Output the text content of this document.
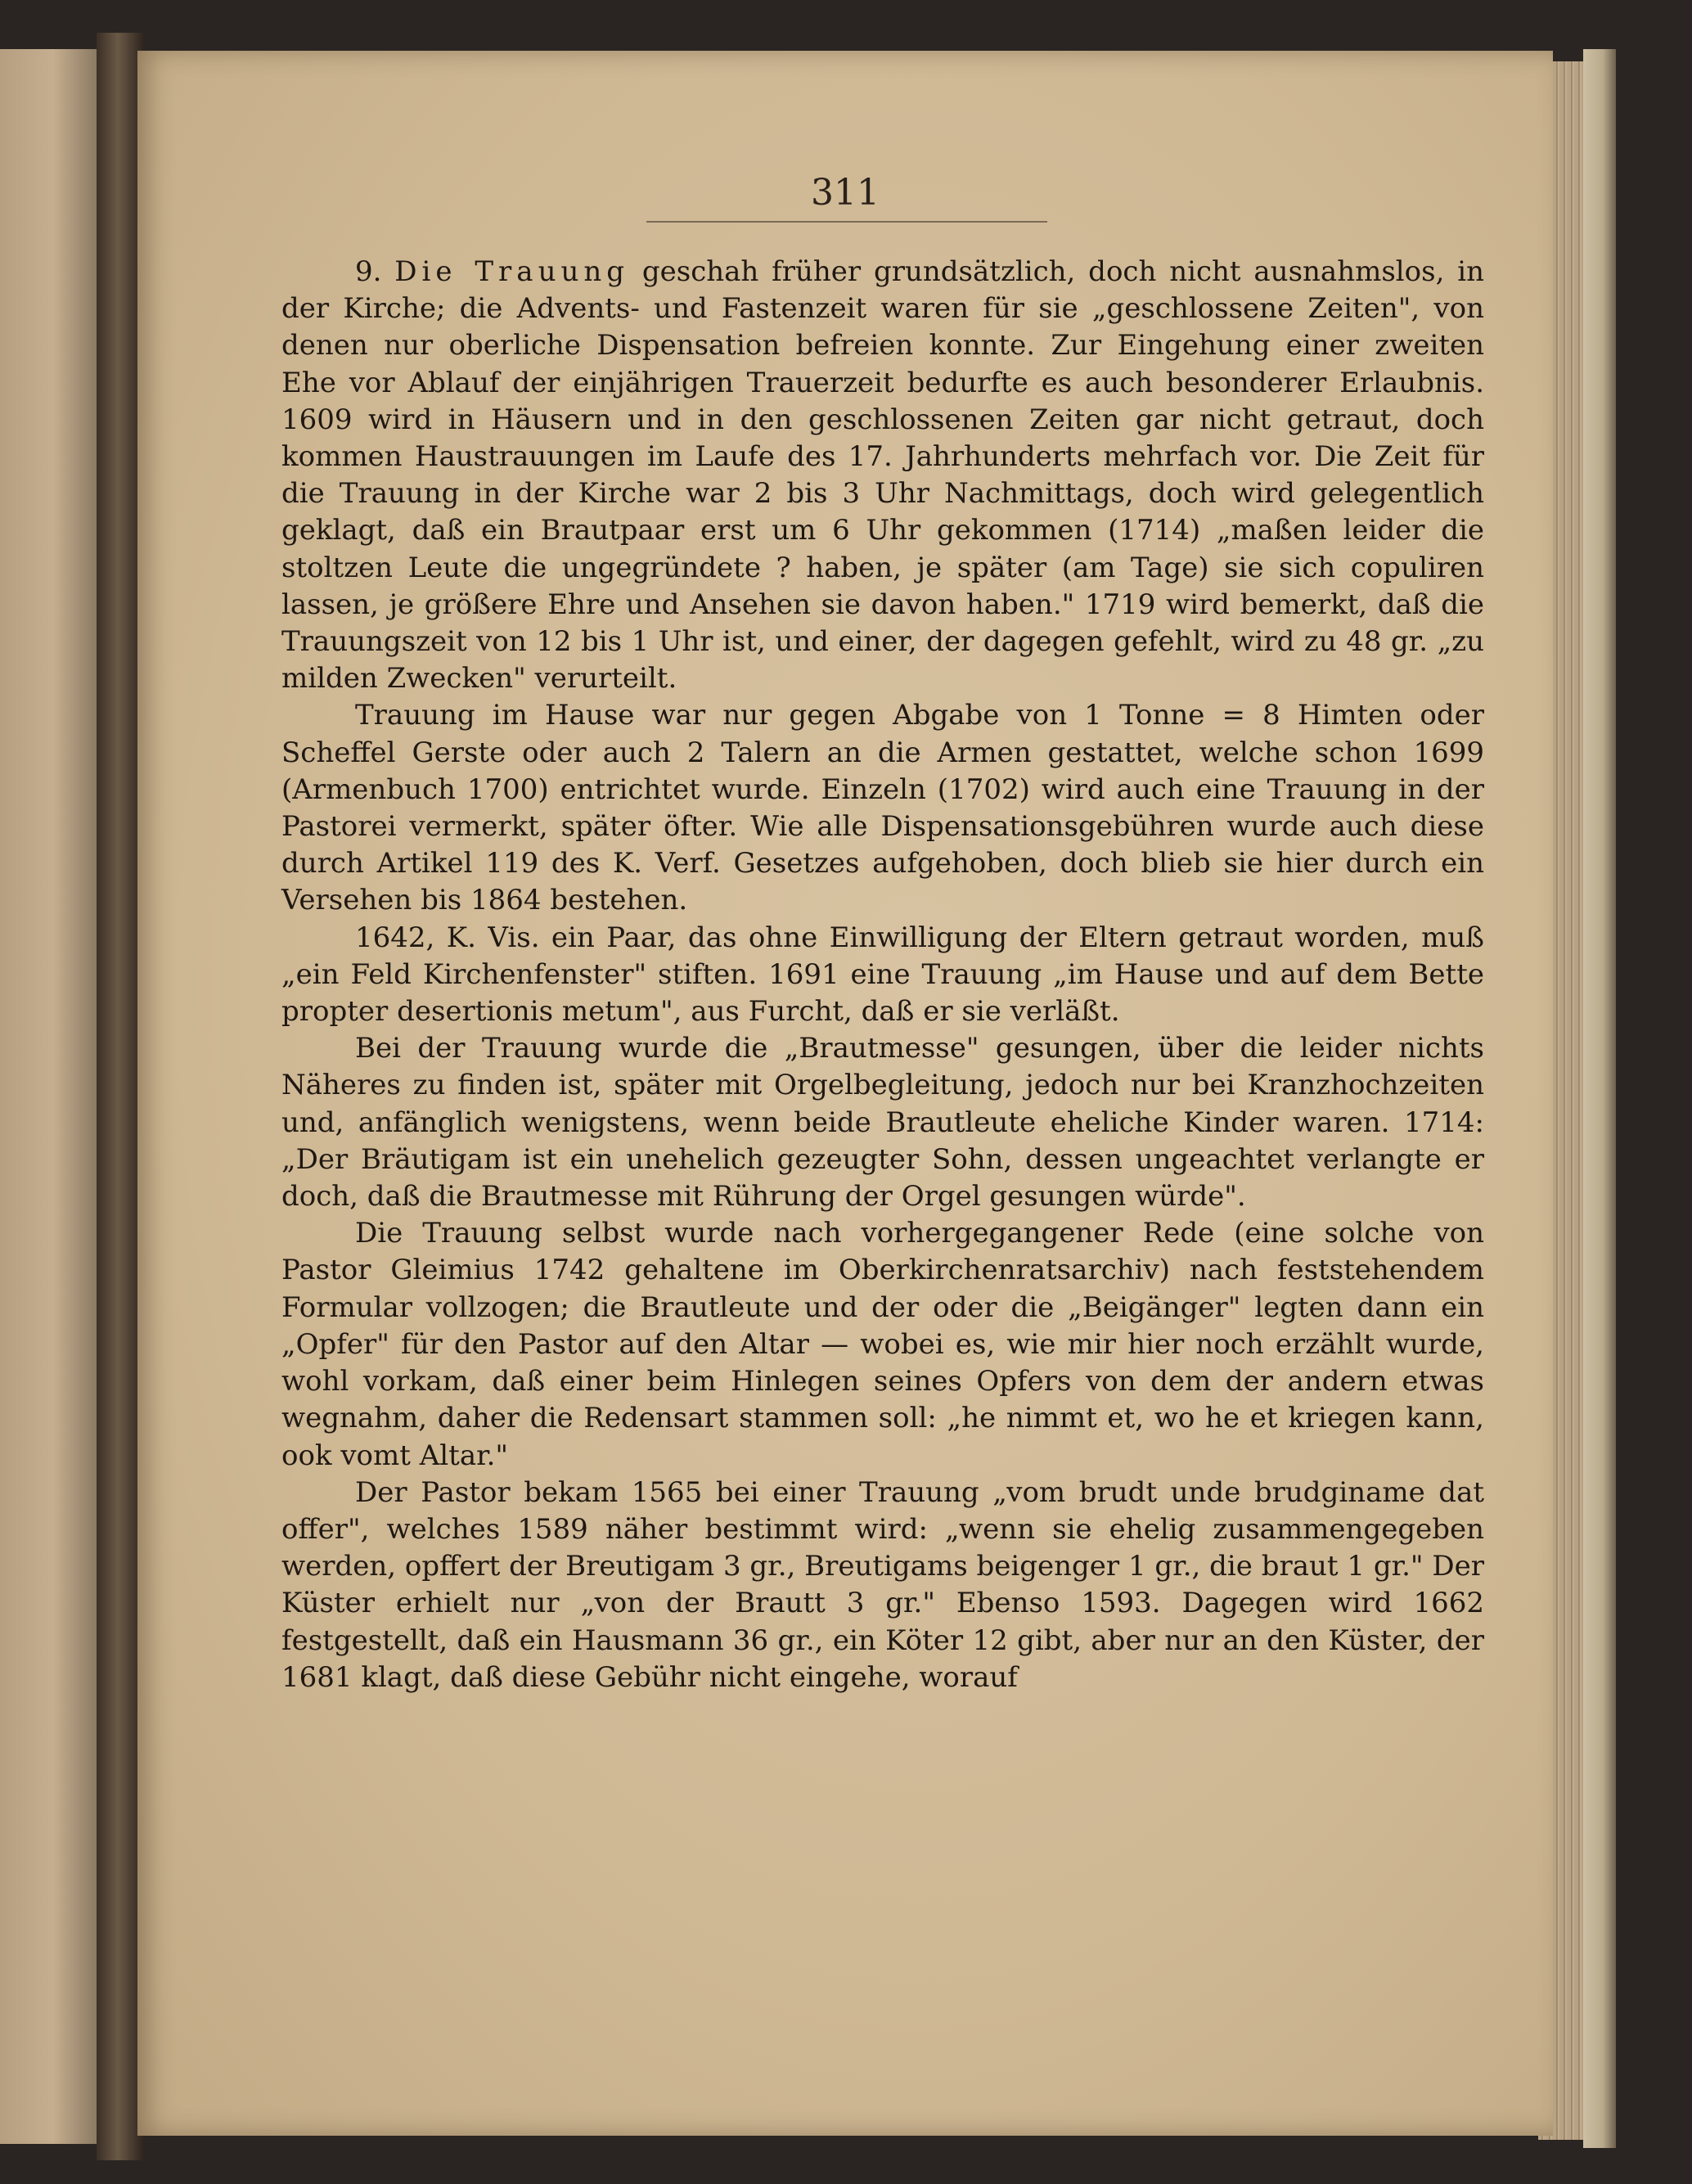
311

9. Die Trauung geschah früher grundsätzlich, doch nicht ausnahmslos, in der Kirche; die Advents- und Fastenzeit waren für sie „geschlossene Zeiten", von denen nur oberliche Dispensation befreien konnte. Zur Eingehung einer zweiten Ehe vor Ablauf der einjährigen Trauerzeit bedurfte es auch besonderer Erlaubnis. 1609 wird in Häusern und in den geschlossenen Zeiten gar nicht getraut, doch kommen Haustrauungen im Laufe des 17. Jahrhunderts mehrfach vor. Die Zeit für die Trauung in der Kirche war 2 bis 3 Uhr Nachmittags, doch wird gelegentlich geklagt, daß ein Brautpaar erst um 6 Uhr gekommen (1714) „maßen leider die stoltzen Leute die ungegründete ? haben, je später (am Tage) sie sich copuliren lassen, je größere Ehre und Ansehen sie davon haben." 1719 wird bemerkt, daß die Trauungszeit von 12 bis 1 Uhr ist, und einer, der dagegen gefehlt, wird zu 48 gr. „zu milden Zwecken" verurteilt.

Trauung im Hause war nur gegen Abgabe von 1 Tonne = 8 Himten oder Scheffel Gerste oder auch 2 Talern an die Armen gestattet, welche schon 1699 (Armenbuch 1700) entrichtet wurde. Einzeln (1702) wird auch eine Trauung in der Pastorei vermerkt, später öfter. Wie alle Dispensationsgebühren wurde auch diese durch Artikel 119 des K. Verf. Gesetzes aufgehoben, doch blieb sie hier durch ein Versehen bis 1864 bestehen.

1642, K. Vis. ein Paar, das ohne Einwilligung der Eltern getraut worden, muß „ein Feld Kirchenfenster" stiften. 1691 eine Trauung „im Hause und auf dem Bette propter desertionis metum", aus Furcht, daß er sie verläßt.

Bei der Trauung wurde die „Brautmesse" gesungen, über die leider nichts Näheres zu finden ist, später mit Orgelbegleitung, jedoch nur bei Kranzhochzeiten und, anfänglich wenigstens, wenn beide Brautleute eheliche Kinder waren. 1714: „Der Bräutigam ist ein unehelich gezeugter Sohn, dessen ungeachtet verlangte er doch, daß die Brautmesse mit Rührung der Orgel gesungen würde".

Die Trauung selbst wurde nach vorhergegangener Rede (eine solche von Pastor Gleimius 1742 gehaltene im Oberkirchenratsarchiv) nach feststehendem Formular vollzogen; die Brautleute und der oder die „Beigänger" legten dann ein „Opfer" für den Pastor auf den Altar — wobei es, wie mir hier noch erzählt wurde, wohl vorkam, daß einer beim Hinlegen seines Opfers von dem der andern etwas wegnahm, daher die Redensart stammen soll: „he nimmt et, wo he et kriegen kann, ook vomt Altar."

Der Pastor bekam 1565 bei einer Trauung „vom brudt unde brudginame dat offer", welches 1589 näher bestimmt wird: „wenn sie ehelig zusammengegeben werden, opffert der Breutigam 3 gr., Breutigams beigenger 1 gr., die braut 1 gr." Der Küster erhielt nur „von der Brautt 3 gr." Ebenso 1593. Dagegen wird 1662 festgestellt, daß ein Hausmann 36 gr., ein Köter 12 gibt, aber nur an den Küster, der 1681 klagt, daß diese Gebühr nicht eingehe, worauf
